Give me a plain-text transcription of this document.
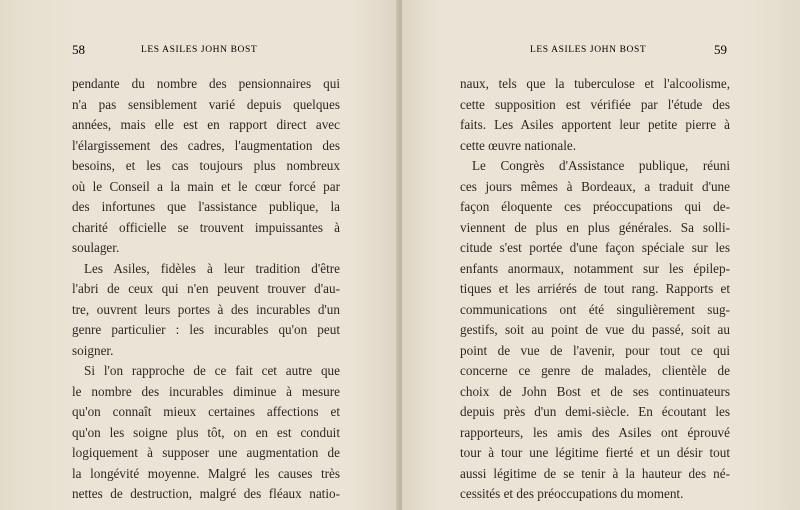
58	LES ASILES JOHN BOST
pendante du nombre des pensionnaires qui
n'a pas sensiblement varié depuis quelques
années, mais elle est en rapport direct avec
l'élargissement des cadres, l'augmentation des
besoins, et les cas toujours plus nombreux
où le Conseil a la main et le cœur forcé par
des infortunes que l'assistance publique, la
charité officielle se trouvent impuissantes à
soulager.
Les Asiles, fidèles à leur tradition d'être
l'abri de ceux qui n'en peuvent trouver d'au-
tre, ouvrent leurs portes à des incurables d'un
genre particulier : les incurables qu'on peut
soigner.
Si l'on rapproche de ce fait cet autre que
le nombre des incurables diminue à mesure
qu'on connaît mieux certaines affections et
qu'on les soigne plus tôt, on en est conduit
logiquement à supposer une augmentation de
la longévité moyenne. Malgré les causes très
nettes de destruction, malgré des fléaux natio-
LES ASILES JOHN BOST	59
naux, tels que la tuberculose et l'alcoolisme,
cette supposition est vérifiée par l'étude des
faits. Les Asiles apportent leur petite pierre à
cette œuvre nationale.
Le Congrès d'Assistance publique, réuni
ces jours mêmes à Bordeaux, a traduit d'une
façon éloquente ces préoccupations qui de-
viennent de plus en plus générales. Sa solli-
citude s'est portée d'une façon spéciale sur les
enfants anormaux, notamment sur les épilep-
tiques et les arriérés de tout rang. Rapports et
communications ont été singulièrement sug-
gestifs, soit au point de vue du passé, soit au
point de vue de l'avenir, pour tout ce qui
concerne ce genre de malades, clientèle de
choix de John Bost et de ses continuateurs
depuis près d'un demi-siècle. En écoutant les
rapporteurs, les amis des Asiles ont éprouvé
tour à tour une légitime fierté et un désir tout
aussi légitime de se tenir à la hauteur des né-
cessités et des préoccupations du moment.
